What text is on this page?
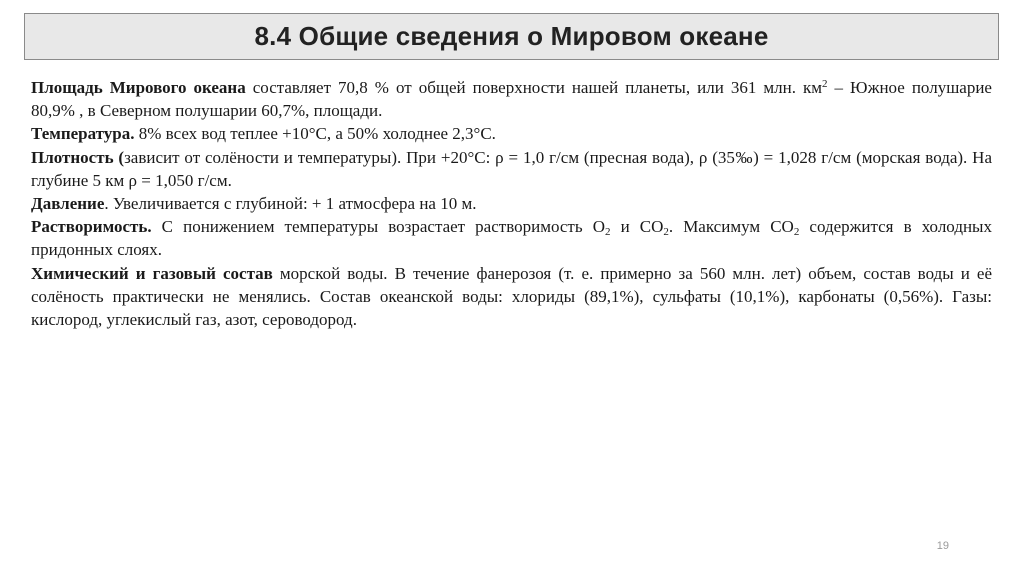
8.4 Общие сведения о Мировом океане

Площадь Мирового океана составляет 70,8 % от общей поверхности нашей планеты, или 361 млн. $км^2$ – Южное полушарие 80,9% , в Северном полушарии 60,7%, площади.

Температура. 8% всех вод теплее +10°С, а 50% холоднее 2,3°С.

Плотность (зависит от солёности и температуры). При +20°С: ρ = 1,0 г/см (пресная вода), ρ (35‰) = 1,028 г/см (морская вода). На глубине 5 км ρ = 1,050 г/см.

Давление. Увеличивается с глубиной: + 1 атмосфера на 10 м.

Растворимость. С понижением температуры возрастает растворимость $O_2$ и $CO_2$. Максимум $CO_2$ содержится в холодных придонных слоях.

Химический и газовый состав морской воды. В течение фанерозоя (т. е. примерно за 560 млн. лет) объем, состав воды и её солёность практически не менялись. Состав океанской воды: хлориды (89,1%), сульфаты (10,1%), карбонаты (0,56%). Газы: кислород, углекислый газ, азот, сероводород.

19
